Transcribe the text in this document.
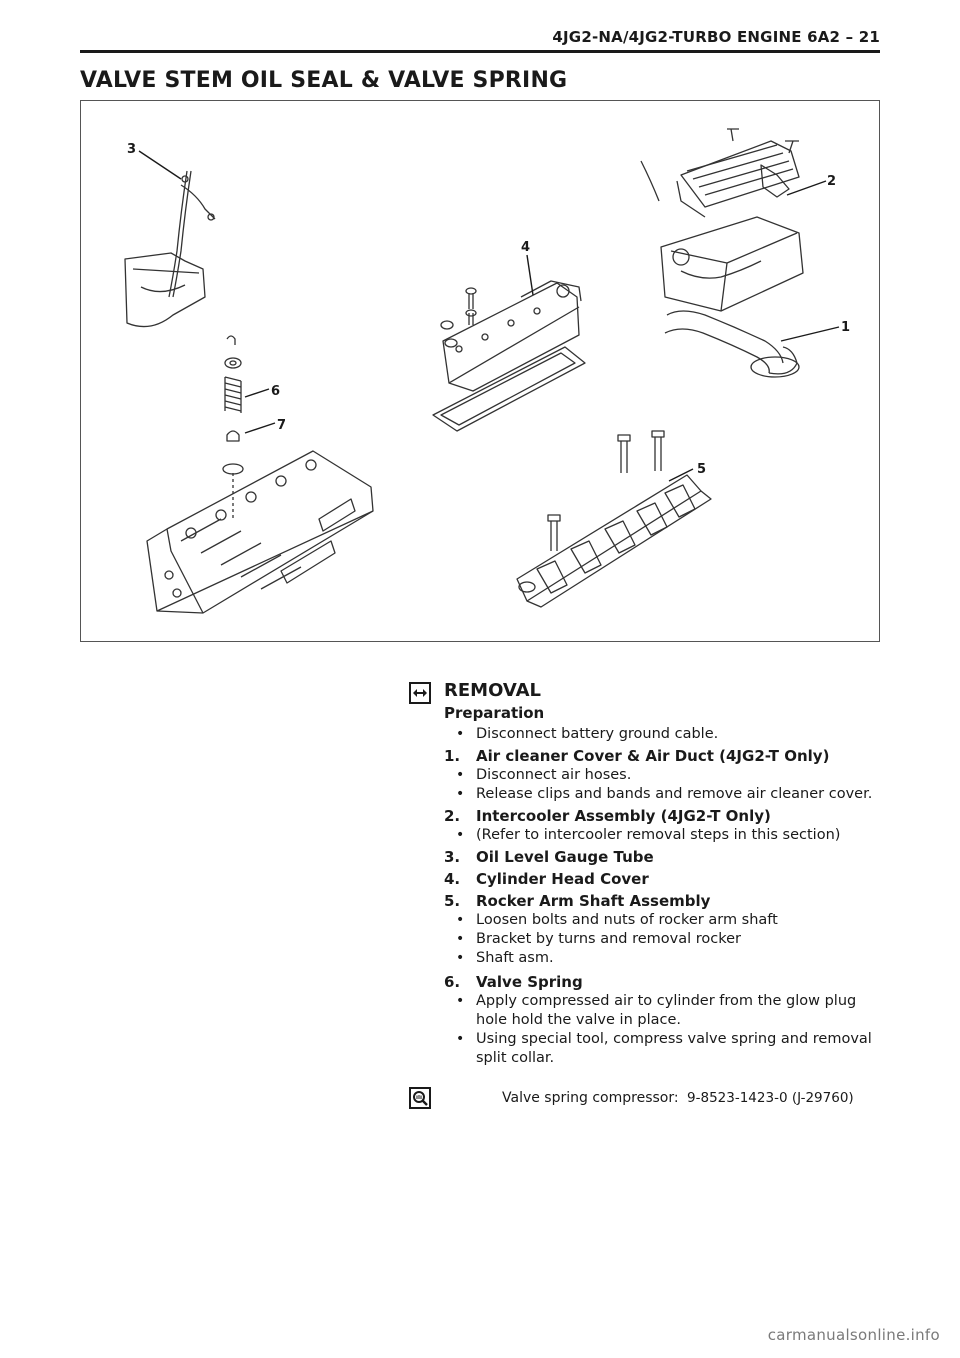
4JG2-NA/4JG2-TURBO ENGINE 6A2 – 21
VALVE STEM OIL SEAL & VALVE SPRING
3
2
4
1
6
7
5
REMOVAL
Preparation
• Disconnect battery ground cable.
1.	Air cleaner Cover & Air Duct (4JG2-T Only)
• Disconnect air hoses.
• Release clips and bands and remove air cleaner cover.
2.	Intercooler Assembly (4JG2-T Only)
• (Refer to intercooler removal steps in this section)
3.	Oil Level Gauge Tube
4.	Cylinder Head Cover
5.	Rocker Arm Shaft Assembly
• Loosen bolts and nuts of rocker arm shaft
• Bracket by turns and removal rocker
• Shaft asm.
6.	Valve Spring
• Apply compressed air to cylinder from the glow plug hole hold the valve in place.
• Using special tool, compress valve spring and removal split collar.
Valve spring compressor: 9-8523-1423-0 (J-29760)
carmanualsonline.info
